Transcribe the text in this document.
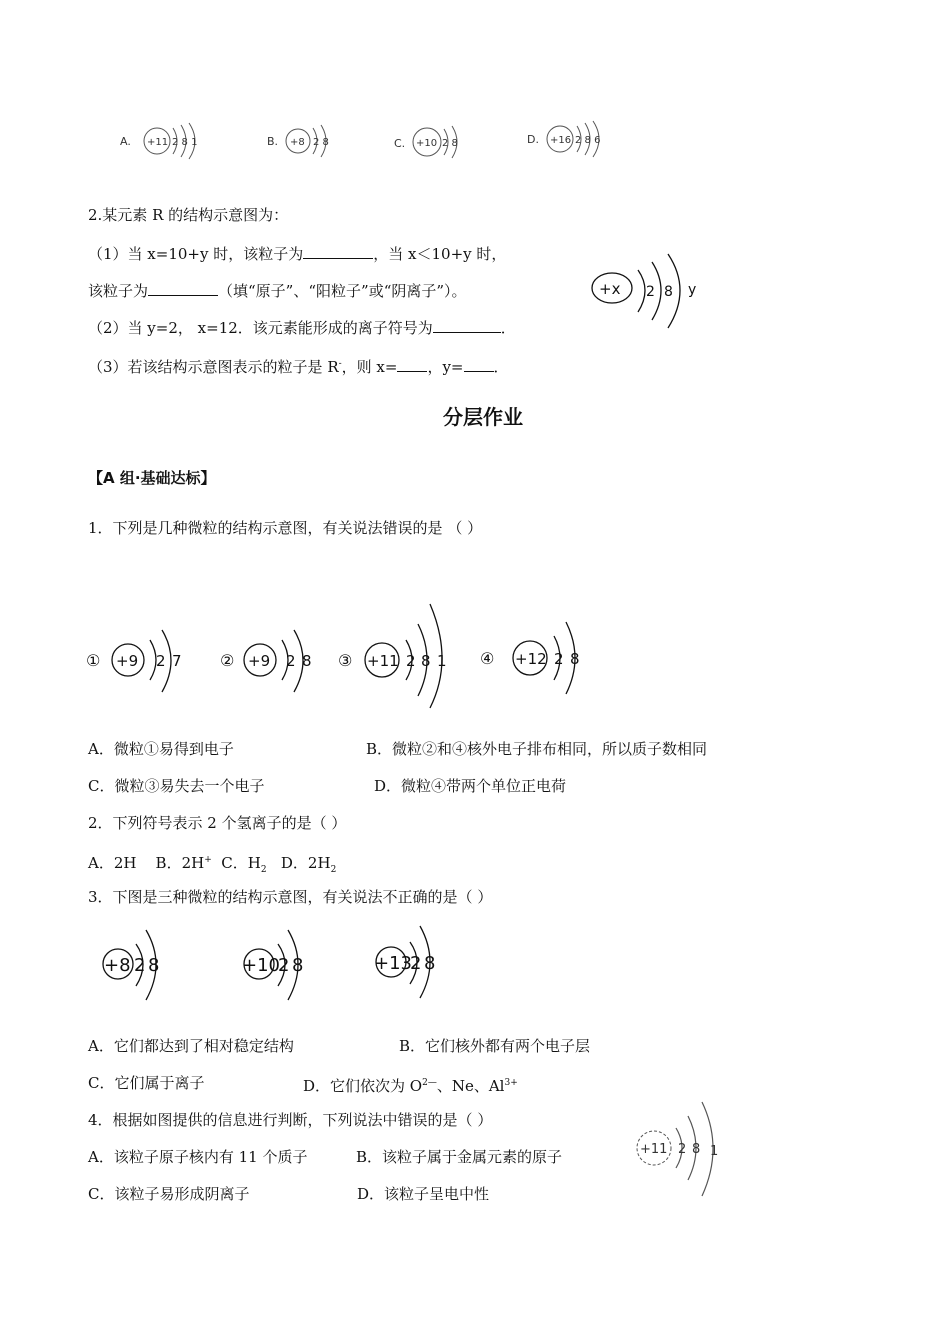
A. +11 2 8 1	B. +8 2 8	C. +10 2 8	D. +16 2 8 6
2.某元素 R 的结构示意图为：
（1）当 x=10+y 时，该粒子为	，当 x＜10+y 时，
该粒子为	（填“原子”、“阳粒子”或“阴离子”）。
（2）当 y=2， x=12．该元素能形成的离子符号为	．
（3）若该结构示意图表示的粒子是 R-，则 x= ，y= ．
+x 2 8 y
分层作业
【A 组·基础达标】
1．下列是几种微粒的结构示意图，有关说法错误的是 （ ）
① +9 2 7 ② +9 2 8 ③ +11 2 8 1 ④ +12 2 8
A．微粒①易得到电子	B．微粒②和④核外电子排布相同，所以质子数相同
C．微粒③易失去一个电子	D．微粒④带两个单位正电荷
2．下列符号表示 2 个氢离子的是（ ）
A．2H B．2H+ C．$H_2$ D．$2H_2$
3．下图是三种微粒的结构示意图，有关说法不正确的是（ ）
+8 2 8	+10
2 8	+13
2 8
A．它们都达到了相对稳定结构	B．它们核外都有两个电子层
C．它们属于离子	D．它们依次为 $O^{2—}$、Ne、$Al^{3+}$
4．根据如图提供的信息进行判断，下列说法中错误的是（ ）
A．该粒子原子核内有 11 个质子	B．该粒子属于金属元素的原子
C．该粒子易形成阴离子	D．该粒子呈电中性
+11 2 8 1
